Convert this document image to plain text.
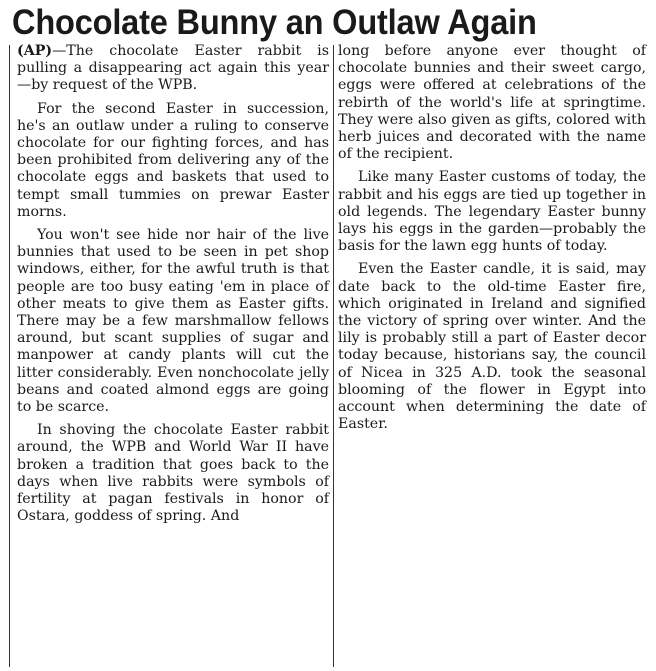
Chocolate Bunny an Outlaw Again

(AP)—The chocolate Easter rabbit is pulling a disappearing act again this year—by request of the WPB.

For the second Easter in succession, he's an outlaw under a ruling to conserve chocolate for our fighting forces, and has been prohibited from delivering any of the chocolate eggs and baskets that used to tempt small tummies on prewar Easter morns.

You won't see hide nor hair of the live bunnies that used to be seen in pet shop windows, either, for the awful truth is that people are too busy eating 'em in place of other meats to give them as Easter gifts. There may be a few marshmallow fellows around, but scant supplies of sugar and manpower at candy plants will cut the litter considerably. Even nonchocolate jelly beans and coated almond eggs are going to be scarce.

In shoving the chocolate Easter rabbit around, the WPB and World War II have broken a tradition that goes back to the days when live rabbits were symbols of fertility at pagan festivals in honor of Ostara, goddess of spring. And

long before anyone ever thought of chocolate bunnies and their sweet cargo, eggs were offered at celebrations of the rebirth of the world's life at springtime. They were also given as gifts, colored with herb juices and decorated with the name of the recipient.

Like many Easter customs of today, the rabbit and his eggs are tied up together in old legends. The legendary Easter bunny lays his eggs in the garden—probably the basis for the lawn egg hunts of today.

Even the Easter candle, it is said, may date back to the old-time Easter fire, which originated in Ireland and signified the victory of spring over winter. And the lily is probably still a part of Easter decor today because, historians say, the council of Nicea in 325 A.D. took the seasonal blooming of the flower in Egypt into account when determining the date of Easter.
